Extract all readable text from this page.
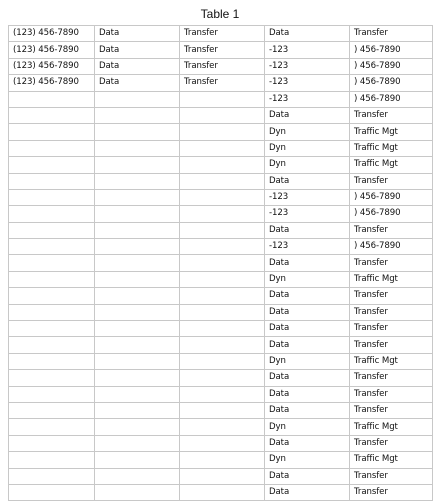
Table 1
(123) 456-7890	Data	Transfer	Data	Transfer
(123) 456-7890	Data	Transfer	-123	) 456-7890
(123) 456-7890	Data	Transfer	-123	) 456-7890
(123) 456-7890	Data	Transfer	-123	) 456-7890
			-123	) 456-7890
			Data	Transfer
			Dyn	Traffic Mgt
			Dyn	Traffic Mgt
			Dyn	Traffic Mgt
			Data	Transfer
			-123	) 456-7890
			-123	) 456-7890
			Data	Transfer
			-123	) 456-7890
			Data	Transfer
			Dyn	Traffic Mgt
			Data	Transfer
			Data	Transfer
			Data	Transfer
			Data	Transfer
			Dyn	Traffic Mgt
			Data	Transfer
			Data	Transfer
			Data	Transfer
			Dyn	Traffic Mgt
			Data	Transfer
			Dyn	Traffic Mgt
			Data	Transfer
			Data	Transfer
